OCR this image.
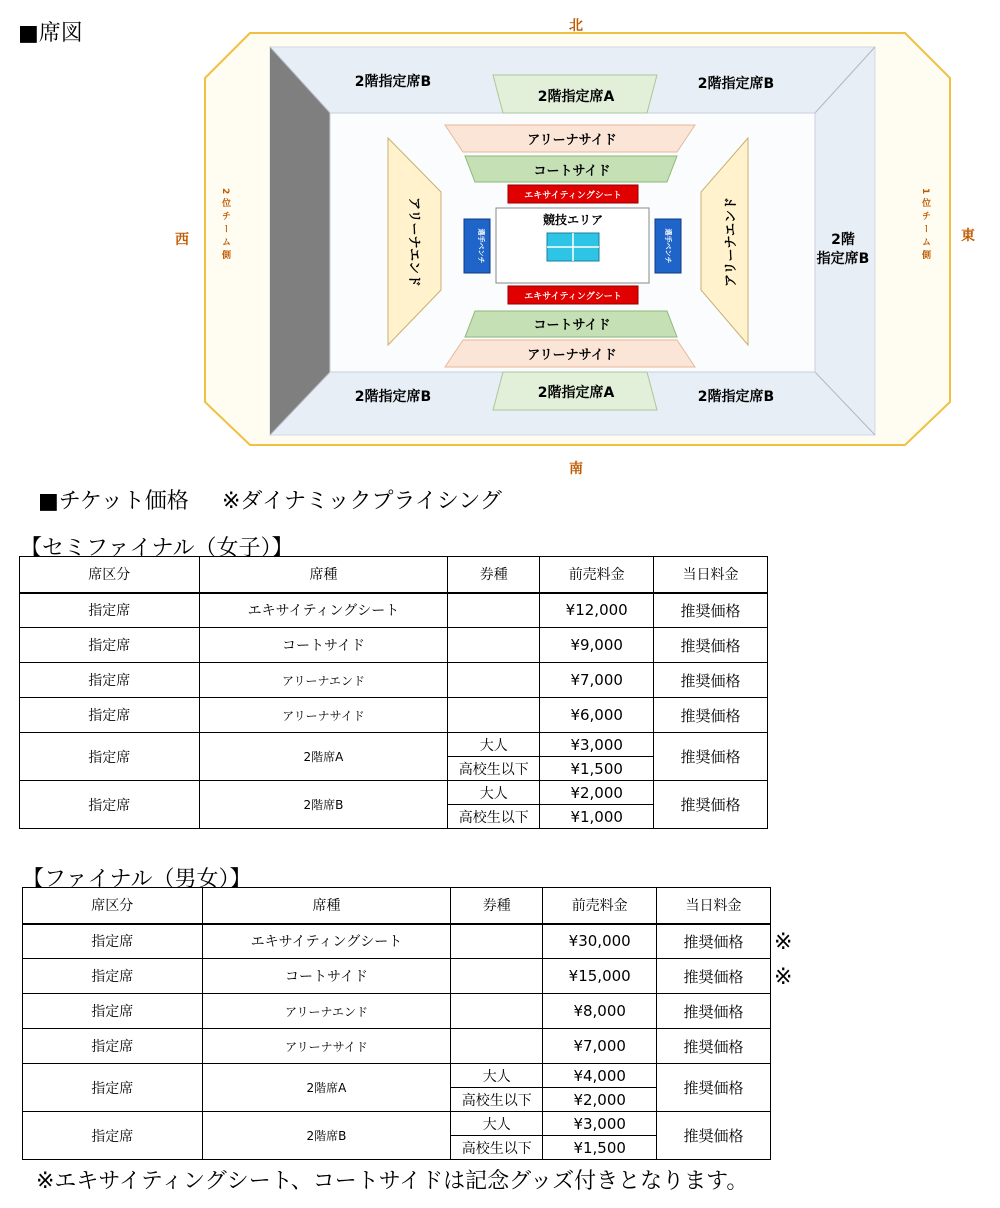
■席図	北
南
西	東
2位チーム側	1位チーム側
2階指定席B	2階指定席B
2階指定席B	2階指定席B
2階
指定席B
2階指定席A
2階指定席A
アリーナサイド
アリーナサイド
コートサイド
コートサイド
エキサイティングシート
エキサイティングシート
アリーナエンド	アリーナエンド
競技エリア
選手ベンチ	選手ベンチ
■チケット価格 ※ダイナミックプライシング
【セミファイナル（女子）】
席区分	席種	券種	前売料金	当日料金
指定席	エキサイティングシート		¥12,000	推奨価格
指定席	コートサイド		¥9,000	推奨価格
指定席	アリーナエンド		¥7,000	推奨価格
指定席	アリーナサイド		¥6,000	推奨価格
指定席	2階席A	大人	¥3,000	推奨価格
		高校生以下	¥1,500	
指定席	2階席B	大人	¥2,000	推奨価格
		高校生以下	¥1,000	
【ファイナル（男女）】
席区分	席種	券種	前売料金	当日料金
指定席	エキサイティングシート		¥30,000	推奨価格
指定席	コートサイド		¥15,000	推奨価格
指定席	アリーナエンド		¥8,000	推奨価格
指定席	アリーナサイド		¥7,000	推奨価格
指定席	2階席A	大人	¥4,000	推奨価格
		高校生以下	¥2,000	
指定席	2階席B	大人	¥3,000	推奨価格
		高校生以下	¥1,500	
※
※
※エキサイティングシート、コートサイドは記念グッズ付きとなります。
